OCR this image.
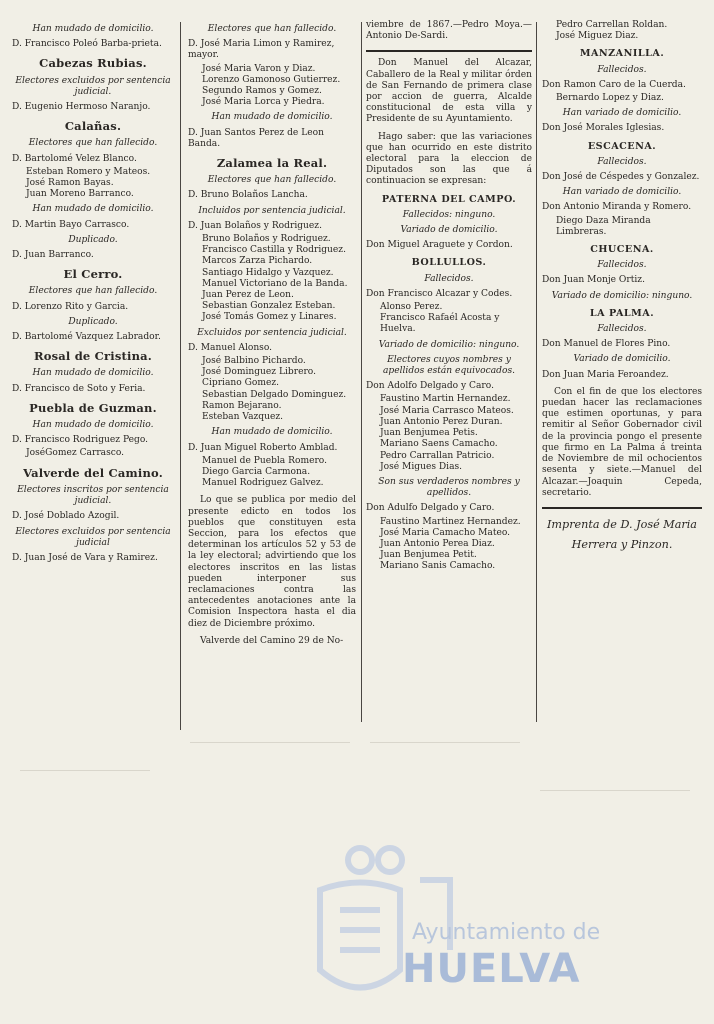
Han mudado de domicilio.
D. Francisco Poleó Barba-prieta.
Cabezas Rubias.
Electores excluidos por sentencia judicial.
D. Eugenio Hermoso Naranjo.
Calañas.
Electores que han fallecido.
D. Bartolomé Velez Blanco.
Esteban Romero y Mateos.
José Ramon Bayas.
Juan Moreno Barranco.
Han mudado de domicilio.
D. Martin Bayo Carrasco.
Duplicado.
D. Juan Barranco.
El Cerro.
Electores que han fallecido.
D. Lorenzo Rito y Garcia.
Duplicado.
D. Bartolomé Vazquez Labrador.
Rosal de Cristina.
Han mudado de domicilio.
D. Francisco de Soto y Feria.
Puebla de Guzman.
Han mudado de domicilio.
D. Francisco Rodriguez Pego.
JoséGomez Carrasco.
Valverde del Camino.
Electores inscritos por sentencia judicial.
D. José Doblado Azogil.
Electores excluidos por sentencia judicial
D. Juan José de Vara y Ramirez.
Electores que han fallecido.
D. José Maria Limon y Ramirez, mayor.
José Maria Varon y Diaz.
Lorenzo Gamonoso Gutierrez.
Segundo Ramos y Gomez.
José Maria Lorca y Piedra.
Han mudado de domicilio.
D. Juan Santos Perez de Leon Banda.
Zalamea la Real.
Electores que han fallecido.
D. Bruno Bolaños Lancha.
Incluidos por sentencia judicial.
D. Juan Bolaños y Rodriguez.
Bruno Bolaños y Rodriguez.
Francisco Castilla y Rodriguez.
Marcos Zarza Pichardo.
Santiago Hidalgo y Vazquez.
Manuel Victoriano de la Banda.
Juan Perez de Leon.
Sebastian Gonzalez Esteban.
José Tomás Gomez y Linares.
Excluidos por sentencia judicial.
D. Manuel Alonso.
José Balbino Pichardo.
José Dominguez Librero.
Cipriano Gomez.
Sebastian Delgado Dominguez.
Ramon Bejarano.
Esteban Vazquez.
Han mudado de domicilio.
D. Juan Miguel Roberto Amblad.
Manuel de Puebla Romero.
Diego Garcia Carmona.
Manuel Rodriguez Galvez.
Lo que se publica por medio del presente edicto en todos los pueblos que constituyen esta Seccion, para los efectos que determinan los artículos 52 y 53 de la ley electoral; advirtiendo que los electores inscritos en las listas pueden interponer sus reclamaciones contra las antecedentes anotaciones ante la Comision Inspectora hasta el dia diez de Diciembre próximo.
Valverde del Camino 29 de No-
viembre de 1867.—Pedro Moya.—Antonio De-Sardi.
Don Manuel del Alcazar, Caballero de la Real y militar órden de San Fernando de primera clase por accion de guerra, Alcalde constitucional de esta villa y Presidente de su Ayuntamiento.
Hago saber: que las variaciones que han ocurrido en este distrito electoral para la eleccion de Diputados son las que á continuacion se expresan:
PATERNA DEL CAMPO.
Fallecidos: ninguno.
Variado de domicilio.
Don Miguel Araguete y Cordon.
BOLLULLOS.
Fallecidos.
Don Francisco Alcazar y Codes.
Alonso Perez.
Francisco Rafaél Acosta y Huelva.
Variado de domicilio: ninguno.
Electores cuyos nombres y apellidos están equivocados.
Don Adolfo Delgado y Caro.
Faustino Martin Hernandez.
José Maria Carrasco Mateos.
Juan Antonio Perez Duran.
Juan Benjumea Petis.
Mariano Saens Camacho.
Pedro Carrallan Patricio.
José Migues Dias.
Son sus verdaderos nombres y apellidos.
Don Adulfo Delgado y Caro.
Faustino Martinez Hernandez.
José Maria Camacho Mateo.
Juan Antonio Perea Diaz.
Juan Benjumea Petit.
Mariano Sanis Camacho.
Pedro Carrellan Roldan.
José Miguez Diaz.
MANZANILLA.
Fallecidos.
Don Ramon Caro de la Cuerda.
Bernardo Lopez y Diaz.
Han variado de domicilio.
Don José Morales Iglesias.
ESCACENA.
Fallecidos.
Don José de Céspedes y Gonzalez.
Han variado de domicilio.
Don Antonio Miranda y Romero.
Diego Daza Miranda Limbreras.
CHUCENA.
Fallecidos.
Don Juan Monje Ortiz.
Variado de domicilio: ninguno.
LA PALMA.
Fallecidos.
Don Manuel de Flores Pino.
Variado de domicilio.
Don Juan Maria Feroandez.
Con el fin de que los electores puedan hacer las reclamaciones que estimen oportunas, y para remitir al Señor Gobernador civil de la provincia pongo el presente que firmo en La Palma á treinta de Noviembre de mil ochocientos sesenta y siete.—Manuel del Alcazar.—Joaquin Cepeda, secretario.
Imprenta de D. José Maria Herrera y Pinzon.
Ayuntamiento de
HUELVA
